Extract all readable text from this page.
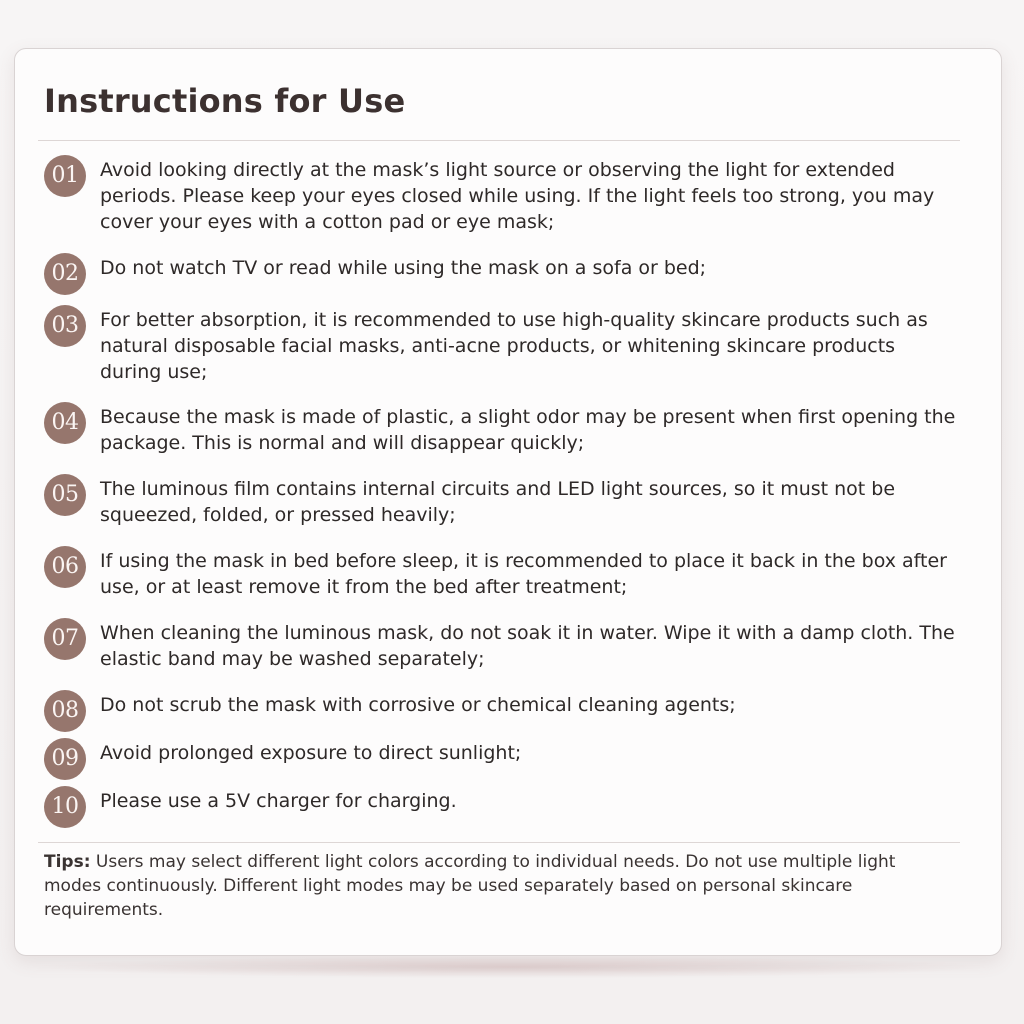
Instructions for Use
01	Avoid looking directly at the mask’s light source or observing the light for extended periods. Please keep your eyes closed while using. If the light feels too strong, you may cover your eyes with a cotton pad or eye mask;
02	Do not watch TV or read while using the mask on a sofa or bed;
03	For better absorption, it is recommended to use high-quality skincare products such as natural disposable facial masks, anti-acne products, or whitening skincare products during use;
04	Because the mask is made of plastic, a slight odor may be present when first opening the package. This is normal and will disappear quickly;
05	The luminous film contains internal circuits and LED light sources, so it must not be squeezed, folded, or pressed heavily;
06	If using the mask in bed before sleep, it is recommended to place it back in the box after use, or at least remove it from the bed after treatment;
07	When cleaning the luminous mask, do not soak it in water. Wipe it with a damp cloth. The elastic band may be washed separately;
08	Do not scrub the mask with corrosive or chemical cleaning agents;
09	Avoid prolonged exposure to direct sunlight;
10	Please use a 5V charger for charging.
Tips: Users may select different light colors according to individual needs. Do not use multiple light modes continuously. Different light modes may be used separately based on personal skincare requirements.
